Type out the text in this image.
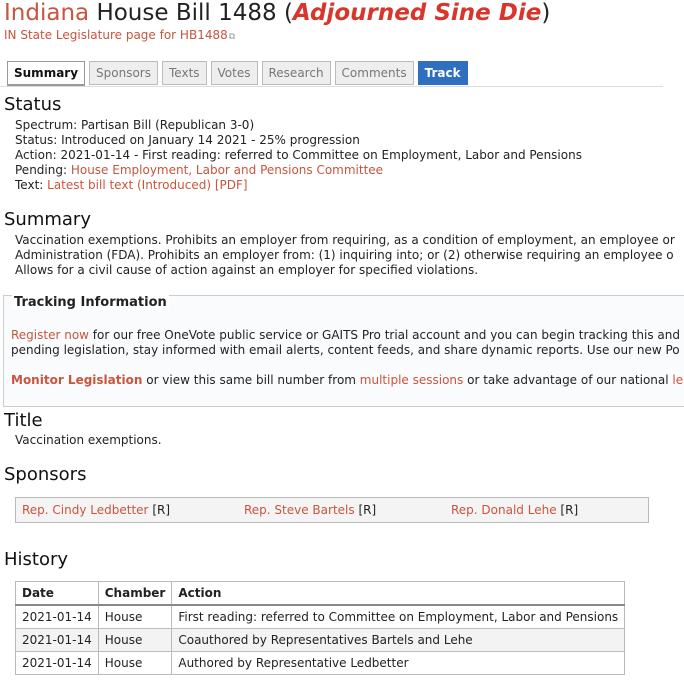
Indiana House Bill 1488 (Adjourned Sine Die)
IN State Legislature page for HB1488⧉
Summary	Sponsors	Texts	Votes	Research	Comments	Track
Status
Spectrum: Partisan Bill (Republican 3-0)
Status: Introduced on January 14 2021 - 25% progression
Action: 2021-01-14 - First reading: referred to Committee on Employment, Labor and Pensions
Pending: House Employment, Labor and Pensions Committee
Text: Latest bill text (Introduced) [PDF]
Summary
Vaccination exemptions. Prohibits an employer from requiring, as a condition of employment, an employee or
Administration (FDA). Prohibits an employer from: (1) inquiring into; or (2) otherwise requiring an employee o
Allows for a civil cause of action against an employer for specified violations.
Tracking Information
Register now for our free OneVote public service or GAITS Pro trial account and you can begin tracking this and
pending legislation, stay informed with email alerts, content feeds, and share dynamic reports. Use our new Po
Monitor Legislation or view this same bill number from multiple sessions or take advantage of our national le
Title
Vaccination exemptions.
Sponsors
Rep. Cindy Ledbetter [R]	Rep. Steve Bartels [R]	Rep. Donald Lehe [R]
History
Date	Chamber	Action
2021-01-14	House	First reading: referred to Committee on Employment, Labor and Pensions
2021-01-14	House	Coauthored by Representatives Bartels and Lehe
2021-01-14	House	Authored by Representative Ledbetter
